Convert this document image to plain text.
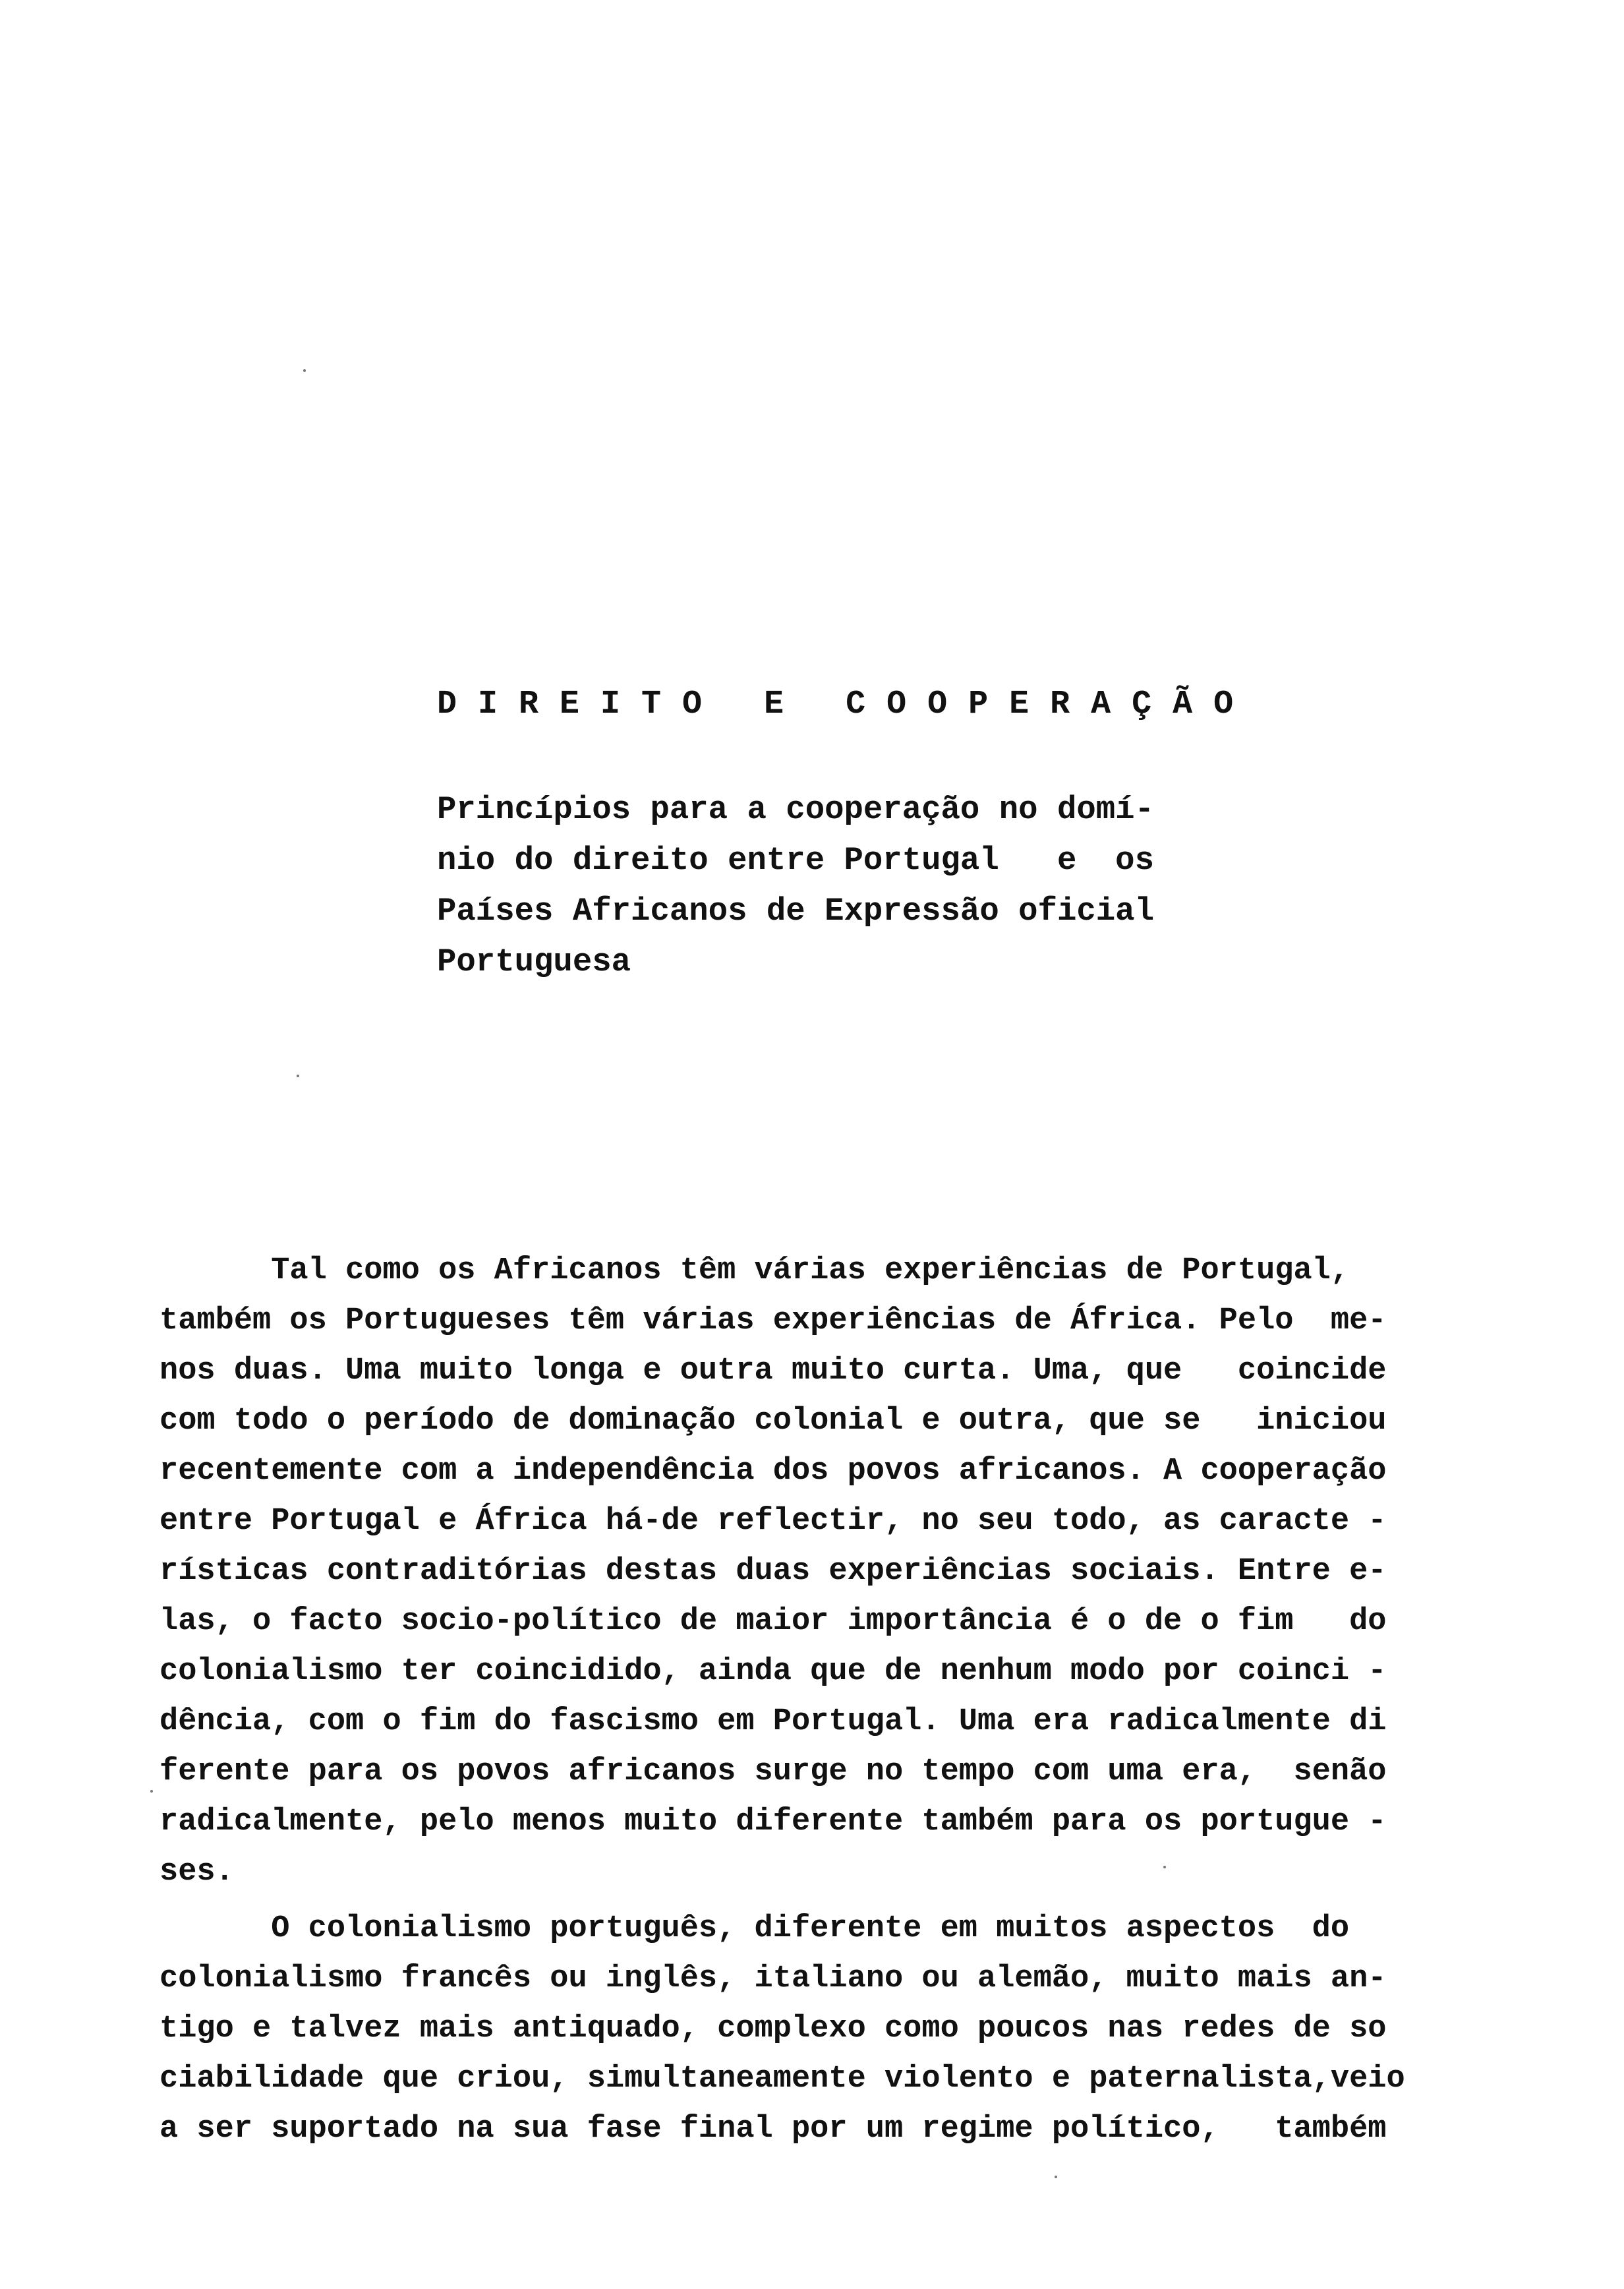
D I R E I T O   E   C O O P E R A Ç Ã O
Princípios para a cooperação no domí-
nio do direito entre Portugal   e  os
Países Africanos de Expressão oficial
Portuguesa
Tal como os Africanos têm várias experiências de Portugal,
também os Portugueses têm várias experiências de África. Pelo  me-
nos duas. Uma muito longa e outra muito curta. Uma, que   coincide
com todo o período de dominação colonial e outra, que se   iniciou
recentemente com a independência dos povos africanos. A cooperação
entre Portugal e África há-de reflectir, no seu todo, as caracte -
rísticas contraditórias destas duas experiências sociais. Entre e-
las, o facto socio-político de maior importância é o de o fim   do
colonialismo ter coincidido, ainda que de nenhum modo por coinci -
dência, com o fim do fascismo em Portugal. Uma era radicalmente di
ferente para os povos africanos surge no tempo com uma era,  senão
radicalmente, pelo menos muito diferente também para os portugue -
ses.
O colonialismo português, diferente em muitos aspectos  do
colonialismo francês ou inglês, italiano ou alemão, muito mais an-
tigo e talvez mais antiquado, complexo como poucos nas redes de so
ciabilidade que criou, simultaneamente violento e paternalista,veio
a ser suportado na sua fase final por um regime político,   também
